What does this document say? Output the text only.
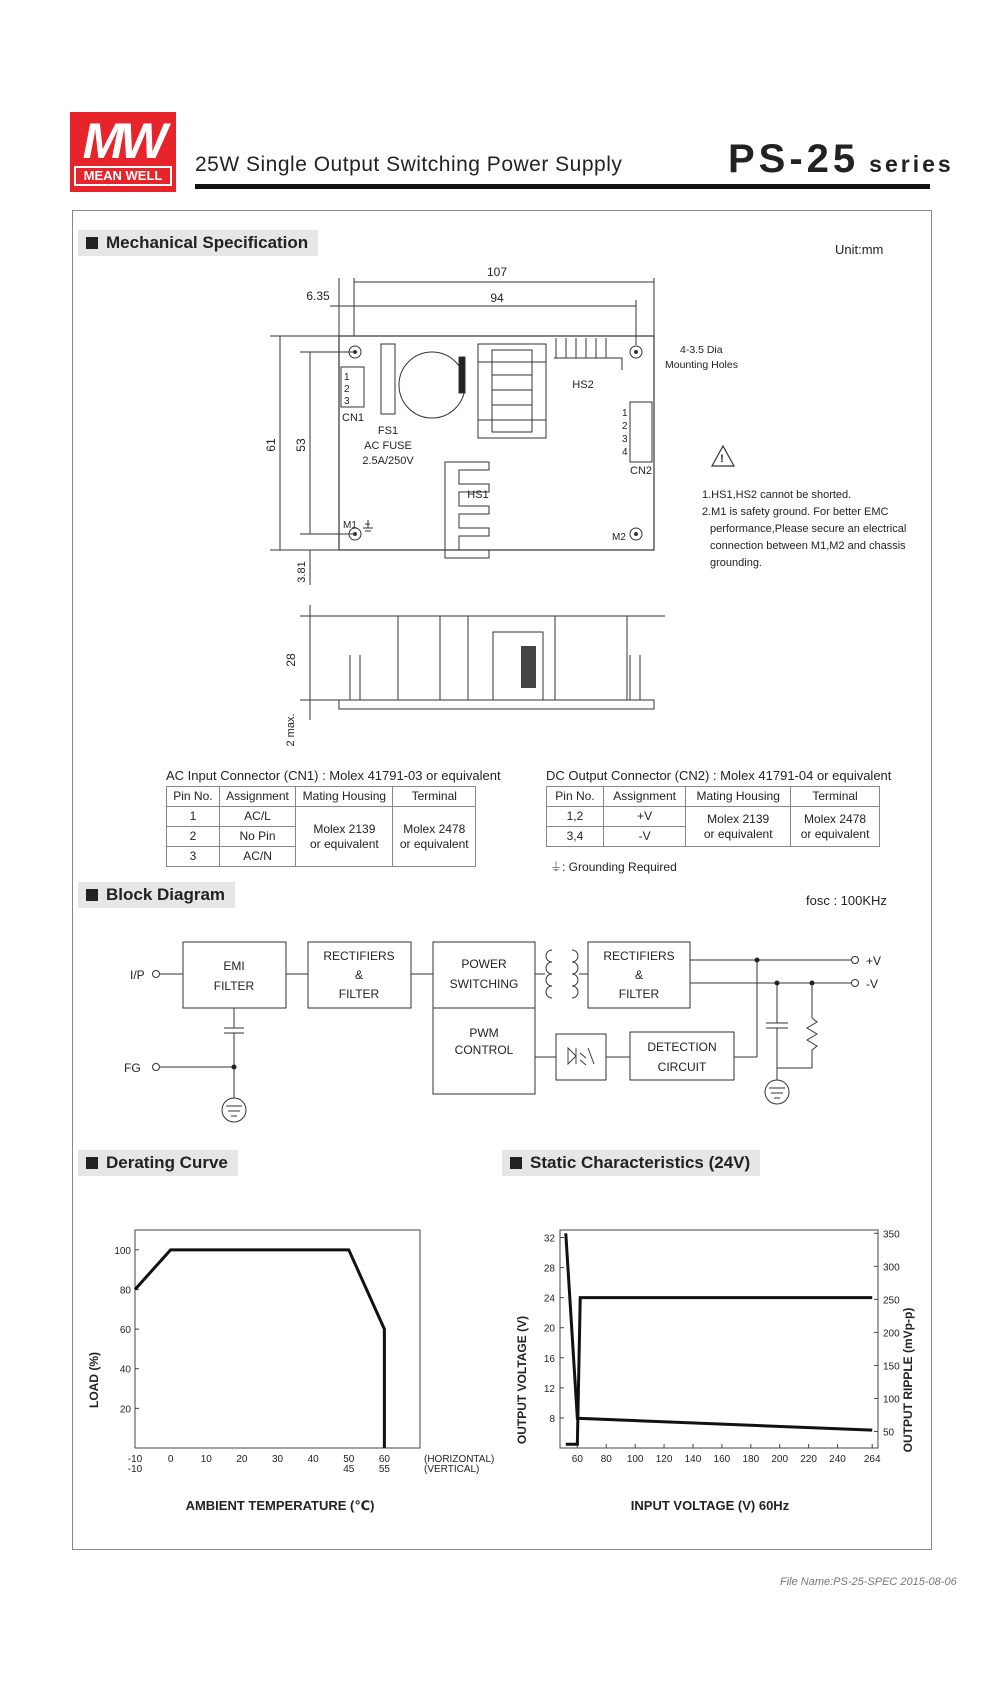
MW
MEAN WELL	25W Single Output Switching Power Supply	PS-25 series
Mechanical Specification	Unit:mm
!
107
94
6.35
61 53
3.81
28
2 max.
1
2
3
CN1
FS1
AC FUSE
2.5A/250V
HS2
HS1
1
2
3
4
CN2
M1
M2
4-3.5 Dia
Mounting Holes
1.HS1,HS2 cannot be shorted.
2.M1 is safety ground. For better EMC
performance,Please secure an electrical
connection between M1,M2 and chassis
grounding.
AC Input Connector (CN1) : Molex 41791-03 or equivalent
Pin No.	Assignment	Mating Housing	Terminal
1	AC/L	Molex 2139
or equivalent	Molex 2478
or equivalent
2	No Pin		
3	AC/N		
DC Output Connector (CN2) : Molex 41791-04 or equivalent
Pin No.	Assignment	Mating Housing	Terminal
1,2	+V	Molex 2139
or equivalent	Molex 2478
or equivalent
3,4	-V		
⏚: Grounding Required
Block Diagram	fosc : 100KHz
I/P
FG
EMI
FILTER
RECTIFIERS
&
FILTER
POWER
SWITCHING
RECTIFIERS
&
FILTER
PWM
CONTROL	DETECTION
CIRCUIT
+V
-V
Derating Curve	Static Characteristics (24V)
20
40
60
80
100
-10	0	10 20 30 40 50 60
-10	45 55
(HORIZONTAL)
(VERTICAL)
LOAD (%)
AMBIENT TEMPERATURE (℃)
8
12
16
20
24
28
32
50
100
150
200
250
300
350
60 80 100 120 140 160 180 200 220 240 264
OUTPUT VOLTAGE (V)	OUTPUT RIPPLE (mVp-p)
INPUT VOLTAGE (V) 60Hz
File Name:PS-25-SPEC 2015-08-06
